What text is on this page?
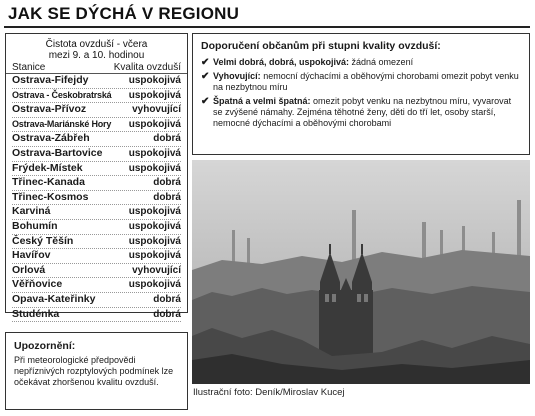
JAK SE DÝCHÁ V REGIONU
Čistota ovzduší - včera
mezi 9. a 10. hodinou
Stanice	Kvalita ovzduší
Ostrava-Fifejdy	uspokojivá
Ostrava - Českobratrská uspokojivá
Ostrava-Přívoz	vyhovující
Ostrava-Mariánské Hory uspokojivá
Ostrava-Zábřeh	dobrá
Ostrava-Bartovice	uspokojivá
Frýdek-Místek	uspokojivá
Třinec-Kanada	dobrá
Třinec-Kosmos	dobrá
Karviná	uspokojivá
Bohumín	uspokojivá
Český Těšín	uspokojivá
Havířov	uspokojivá
Orlová	vyhovující
Věřňovice	uspokojivá
Opava-Kateřinky	dobrá
Studénka	dobrá
Doporučení občanům při stupni kvality ovzduší:
✔ Velmi dobrá, dobrá, uspokojivá: žádná omezení
✔ Vyhovující: nemocní dýchacími a oběhovými chorobami omezit pobyt venku na nezbytnou míru
✔ Špatná a velmi špatná: omezit pobyt venku na nezbytnou míru, vyvarovat se zvýšené námahy. Zejména těhotné ženy, děti do tří let, osoby starší, nemocné dýchacími a oběhovými chorobami
Ilustrační foto: Deník/Miroslav Kucej
Upozornění:
Při meteorologické předpovědi nepříznivých rozptylových podmínek lze očekávat zhoršenou kvalitu ovzduší.
